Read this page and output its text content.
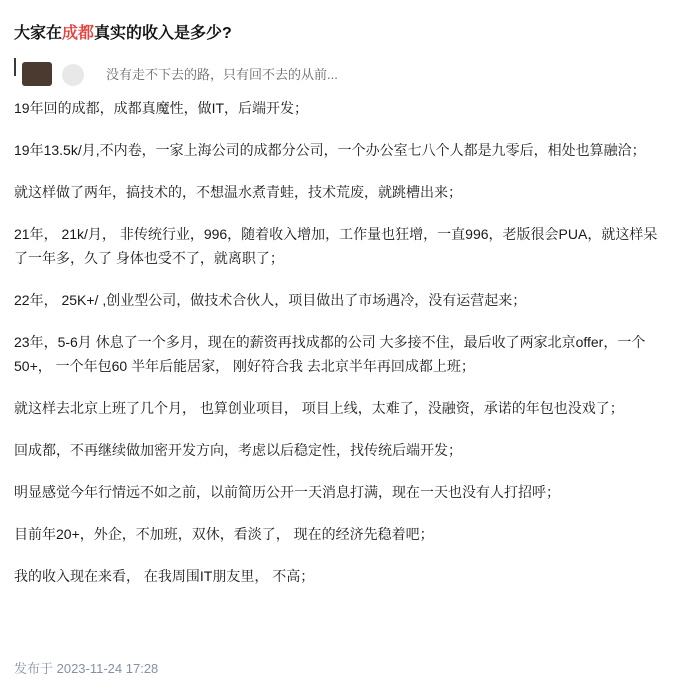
大家在成都真实的收入是多少?
没有走不下去的路，只有回不去的从前...

19年回的成都，成都真魔性，做IT，后端开发；

19年13.5k/月,不内卷，一家上海公司的成都分公司，一个办公室七八个人都是九零后，相处也算融洽；

就这样做了两年，搞技术的，不想温水煮青蛙，技术荒废，就跳槽出来；

21年， 21k/月， 非传统行业，996，随着收入增加，工作量也狂增，一直996，老版很会PUA，就这样呆了一年多，久了 身体也受不了，就离职了；

22年， 25K+/ ,创业型公司，做技术合伙人，项目做出了市场遇冷，没有运营起来；

23年，5-6月 休息了一个多月，现在的薪资再找成都的公司 大多接不住，最后收了两家北京offer，一个 50+， 一个年包60 半年后能居家， 刚好符合我 去北京半年再回成都上班；

就这样去北京上班了几个月， 也算创业项目， 项目上线，太难了，没融资，承诺的年包也没戏了；

回成都，不再继续做加密开发方向，考虑以后稳定性，找传统后端开发；

明显感觉今年行情远不如之前，以前简历公开一天消息打满，现在一天也没有人打招呼；

目前年20+，外企，不加班，双休，看淡了， 现在的经济先稳着吧；

我的收入现在来看， 在我周围IT朋友里， 不高；

发布于 2023-11-24 17:28
